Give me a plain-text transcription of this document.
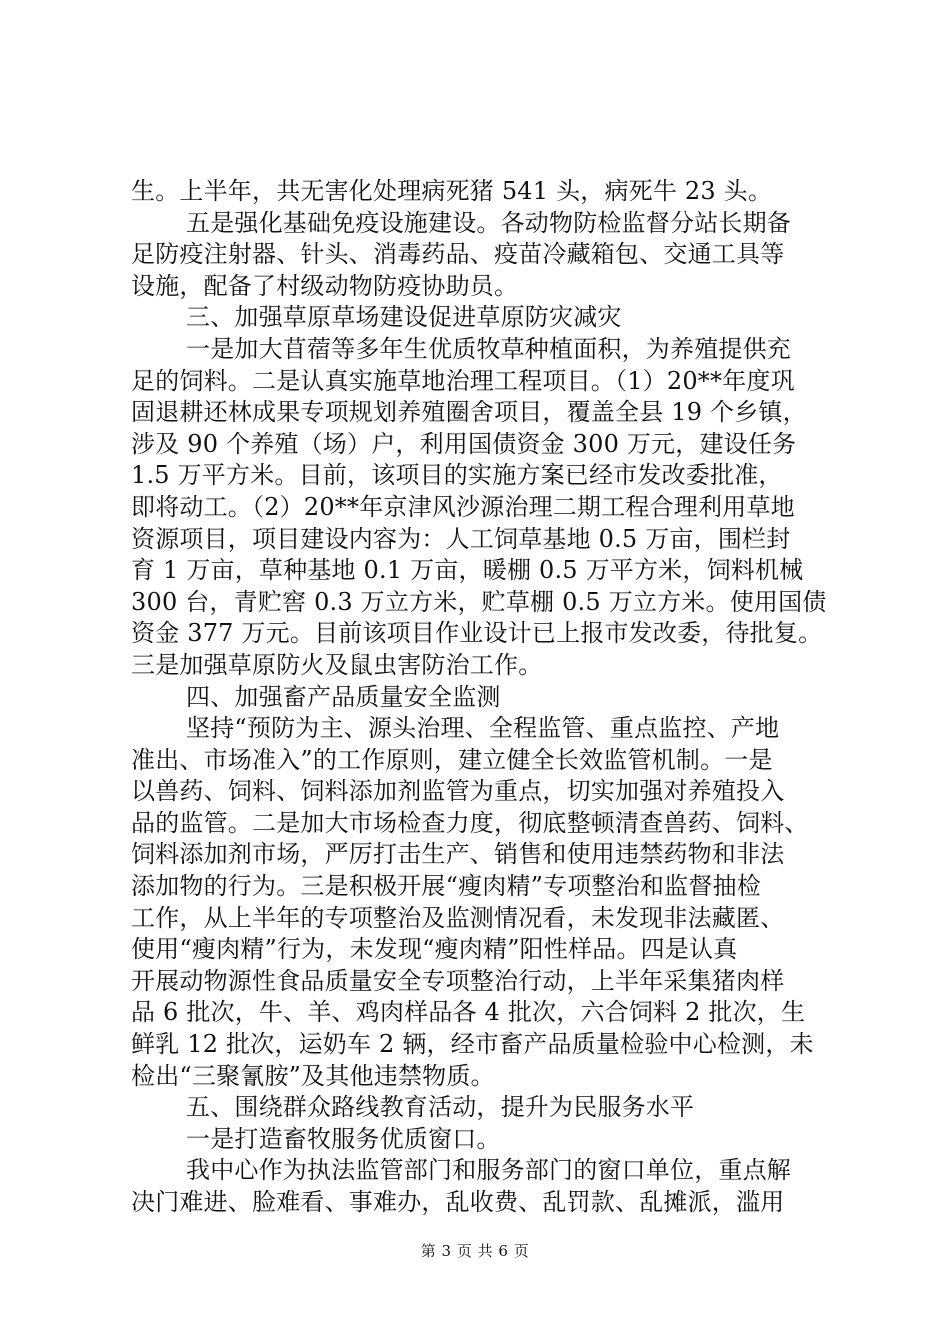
生。上半年，共无害化处理病死猪 541 头，病死牛 23 头。
五是强化基础免疫设施建设。各动物防检监督分站长期备
足防疫注射器、针头、消毒药品、疫苗冷藏箱包、交通工具等
设施，配备了村级动物防疫协助员。
三、加强草原草场建设促进草原防灾减灾
一是加大苜蓿等多年生优质牧草种植面积，为养殖提供充
足的饲料。二是认真实施草地治理工程项目。（1）20**年度巩
固退耕还林成果专项规划养殖圈舍项目，覆盖全县 19 个乡镇，
涉及 90 个养殖（场）户，利用国债资金 300 万元，建设任务
1.5 万平方米。目前，该项目的实施方案已经市发改委批准，
即将动工。（2）20**年京津风沙源治理二期工程合理利用草地
资源项目，项目建设内容为：人工饲草基地 0.5 万亩，围栏封
育 1 万亩，草种基地 0.1 万亩，暖棚 0.5 万平方米，饲料机械
300 台，青贮窖 0.3 万立方米，贮草棚 0.5 万立方米。使用国债
资金 377 万元。目前该项目作业设计已上报市发改委，待批复。
三是加强草原防火及鼠虫害防治工作。
四、加强畜产品质量安全监测
坚持“预防为主、源头治理、全程监管、重点监控、产地
准出、市场准入”的工作原则，建立健全长效监管机制。一是
以兽药、饲料、饲料添加剂监管为重点，切实加强对养殖投入
品的监管。二是加大市场检查力度，彻底整顿清查兽药、饲料、
饲料添加剂市场，严厉打击生产、销售和使用违禁药物和非法
添加物的行为。三是积极开展“瘦肉精”专项整治和监督抽检
工作，从上半年的专项整治及监测情况看，未发现非法藏匿、
使用“瘦肉精”行为，未发现“瘦肉精”阳性样品。四是认真
开展动物源性食品质量安全专项整治行动，上半年采集猪肉样
品 6 批次，牛、羊、鸡肉样品各 4 批次，六合饲料 2 批次，生
鲜乳 12 批次，运奶车 2 辆，经市畜产品质量检验中心检测，未
检出“三聚氰胺”及其他违禁物质。
五、围绕群众路线教育活动，提升为民服务水平
一是打造畜牧服务优质窗口。
我中心作为执法监管部门和服务部门的窗口单位，重点解
决门难进、脸难看、事难办，乱收费、乱罚款、乱摊派，滥用
第 3 页 共 6 页
